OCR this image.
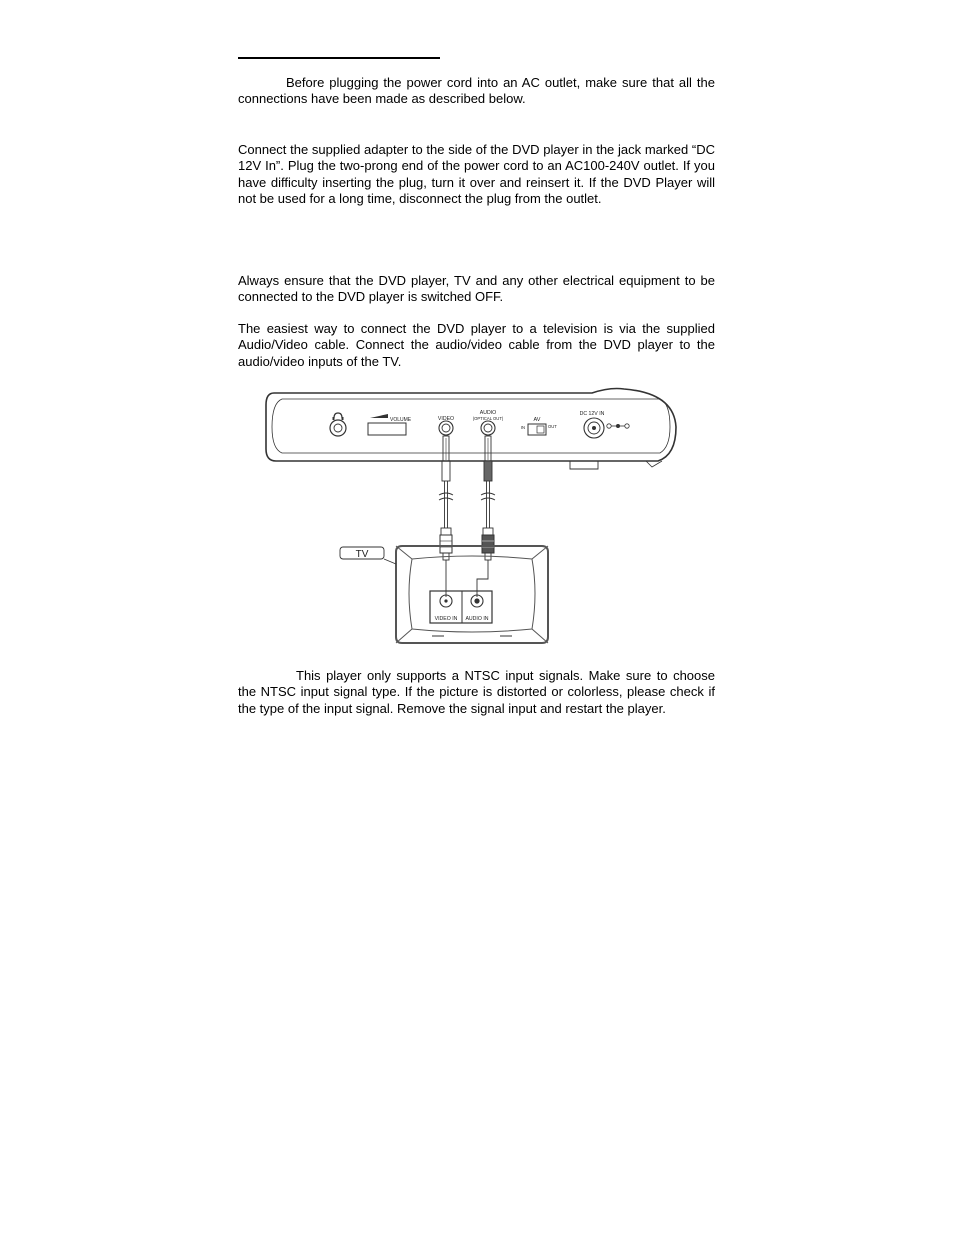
Before plugging the power cord into an AC outlet, make sure that all the connections have been made as described below.

Connect the supplied adapter to the side of the DVD player in the jack marked “DC 12V In”. Plug the two-prong end of the power cord to an AC100-240V outlet. If you have difficulty inserting the plug, turn it over and reinsert it. If the DVD Player will not be used for a long time, disconnect the plug from the outlet.

Always ensure that the DVD player, TV and any other electrical equipment to be connected to the DVD player is switched OFF.

The easiest way to connect the DVD player to a television is via the supplied Audio/Video cable. Connect the audio/video cable from the DVD player to the audio/video inputs of the TV.

VOLUME	VIDEO
AUDIO
(OPTICAL OUT)	AV
IN	OUT
DC 12V IN
VIDEO IN AUDIO IN
TV

This player only supports a NTSC input signals. Make sure to choose the NTSC input signal type. If the picture is distorted or colorless, please check if the type of the input signal. Remove the signal input and restart the player.
